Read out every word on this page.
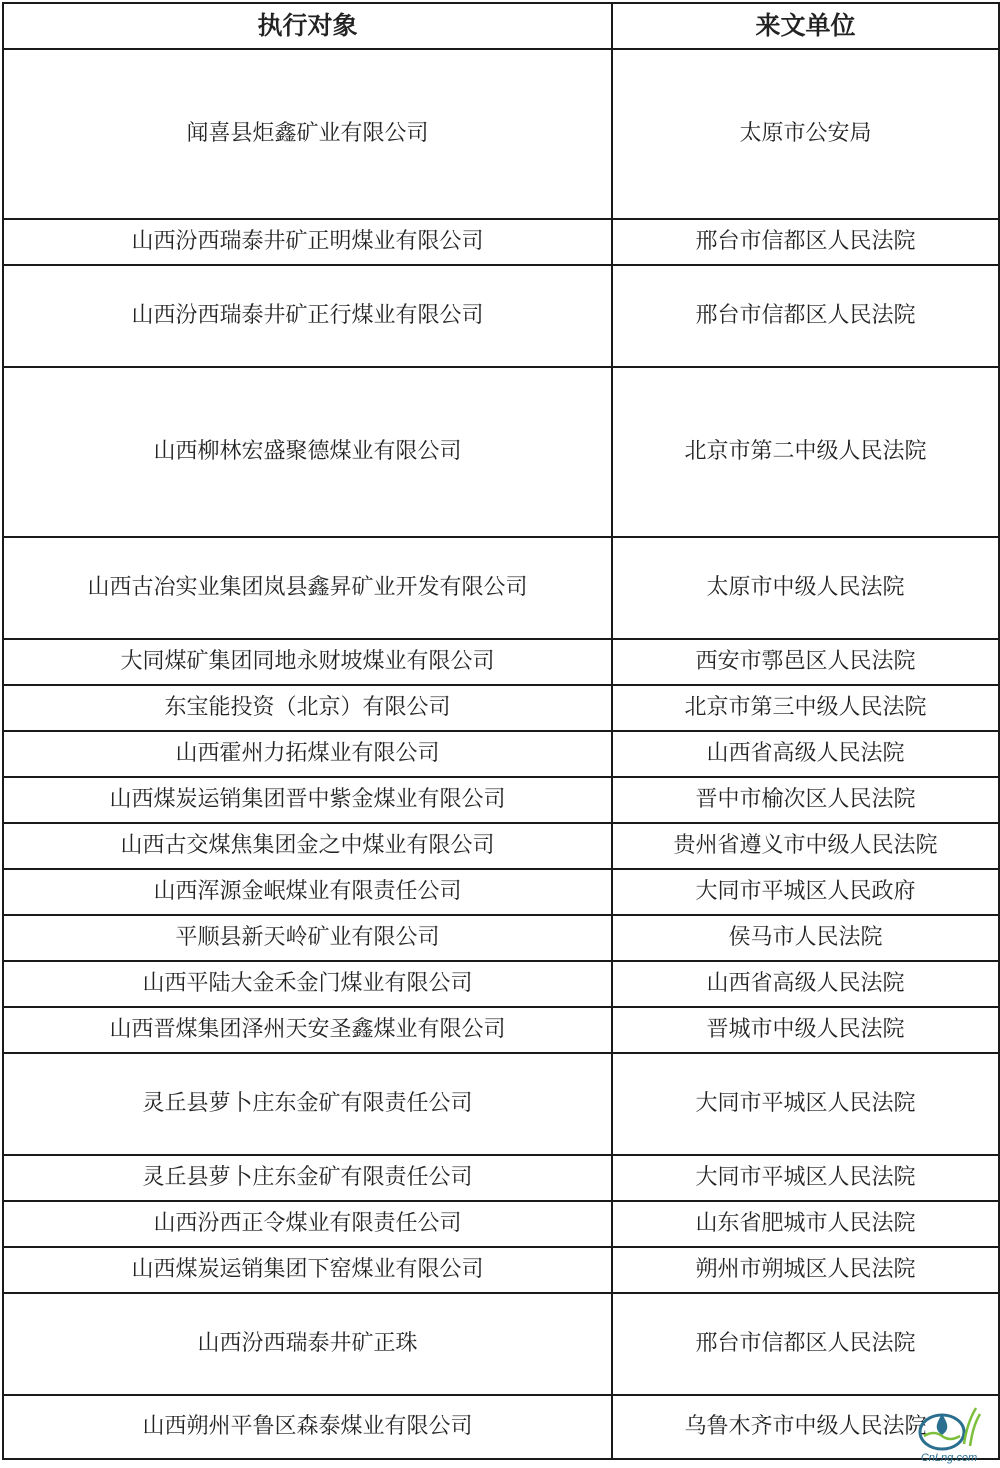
执行对象	来文单位
闻喜县炬鑫矿业有限公司	太原市公安局
山西汾西瑞泰井矿正明煤业有限公司	邢台市信都区人民法院
山西汾西瑞泰井矿正行煤业有限公司	邢台市信都区人民法院
山西柳林宏盛聚德煤业有限公司	北京市第二中级人民法院
山西古冶实业集团岚县鑫昇矿业开发有限公司	太原市中级人民法院
大同煤矿集团同地永财坡煤业有限公司	西安市鄠邑区人民法院
东宝能投资（北京）有限公司	北京市第三中级人民法院
山西霍州力拓煤业有限公司	山西省高级人民法院
山西煤炭运销集团晋中紫金煤业有限公司	晋中市榆次区人民法院
山西古交煤焦集团金之中煤业有限公司	贵州省遵义市中级人民法院
山西浑源金岷煤业有限责任公司	大同市平城区人民政府
平顺县新天岭矿业有限公司	侯马市人民法院
山西平陆大金禾金门煤业有限公司	山西省高级人民法院
山西晋煤集团泽州天安圣鑫煤业有限公司	晋城市中级人民法院
灵丘县萝卜庄东金矿有限责任公司	大同市平城区人民法院
灵丘县萝卜庄东金矿有限责任公司	大同市平城区人民法院
山西汾西正令煤业有限责任公司	山东省肥城市人民法院
山西煤炭运销集团下窑煤业有限公司	朔州市朔城区人民法院
山西汾西瑞泰井矿正珠	邢台市信都区人民法院
山西朔州平鲁区森泰煤业有限公司	乌鲁木齐市中级人民法院
CnLng.com
